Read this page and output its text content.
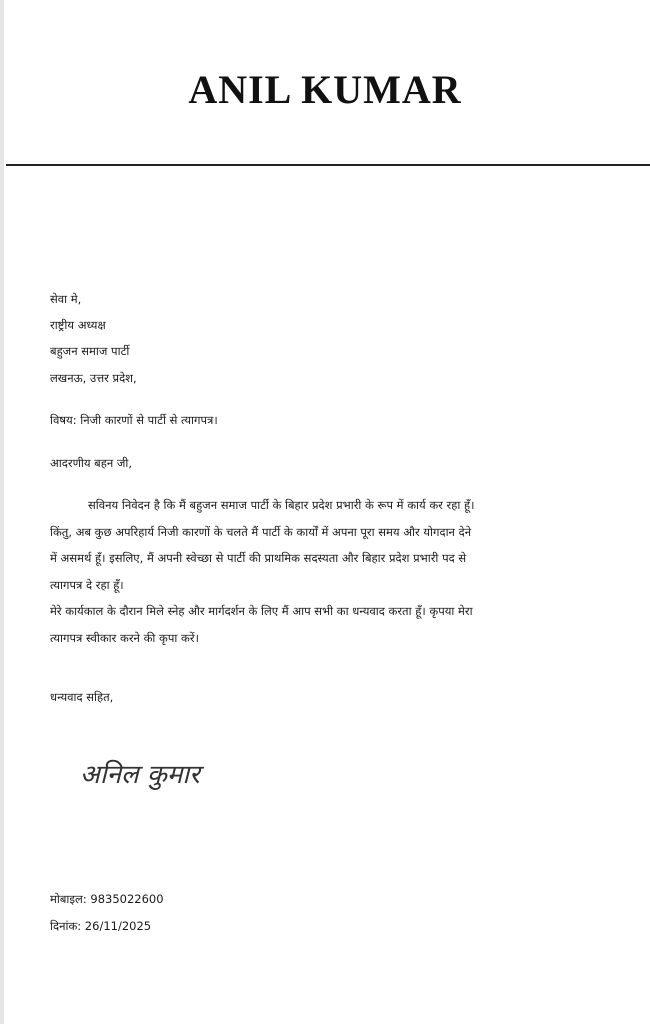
ANIL KUMAR
सेवा मे,
राष्ट्रीय अध्यक्ष
बहुजन समाज पार्टी
लखनऊ, उत्तर प्रदेश,
विषय: निजी कारणों से पार्टी से त्यागपत्र।
आदरणीय बहन जी,
सविनय निवेदन है कि मैं बहुजन समाज पार्टी के बिहार प्रदेश प्रभारी के रूप में कार्य कर रहा हूँ।
किंतु, अब कुछ अपरिहार्य निजी कारणों के चलते मैं पार्टी के कार्यों में अपना पूरा समय और योगदान देने
में असमर्थ हूँ। इसलिए, मैं अपनी स्वेच्छा से पार्टी की प्राथमिक सदस्यता और बिहार प्रदेश प्रभारी पद से
त्यागपत्र दे रहा हूँ।
मेरे कार्यकाल के दौरान मिले स्नेह और मार्गदर्शन के लिए मैं आप सभी का धन्यवाद करता हूँ। कृपया मेरा
त्यागपत्र स्वीकार करने की कृपा करें।
धन्यवाद सहित,
अनिल कुमार
मोबाइल: 9835022600
दिनांक: 26/11/2025
